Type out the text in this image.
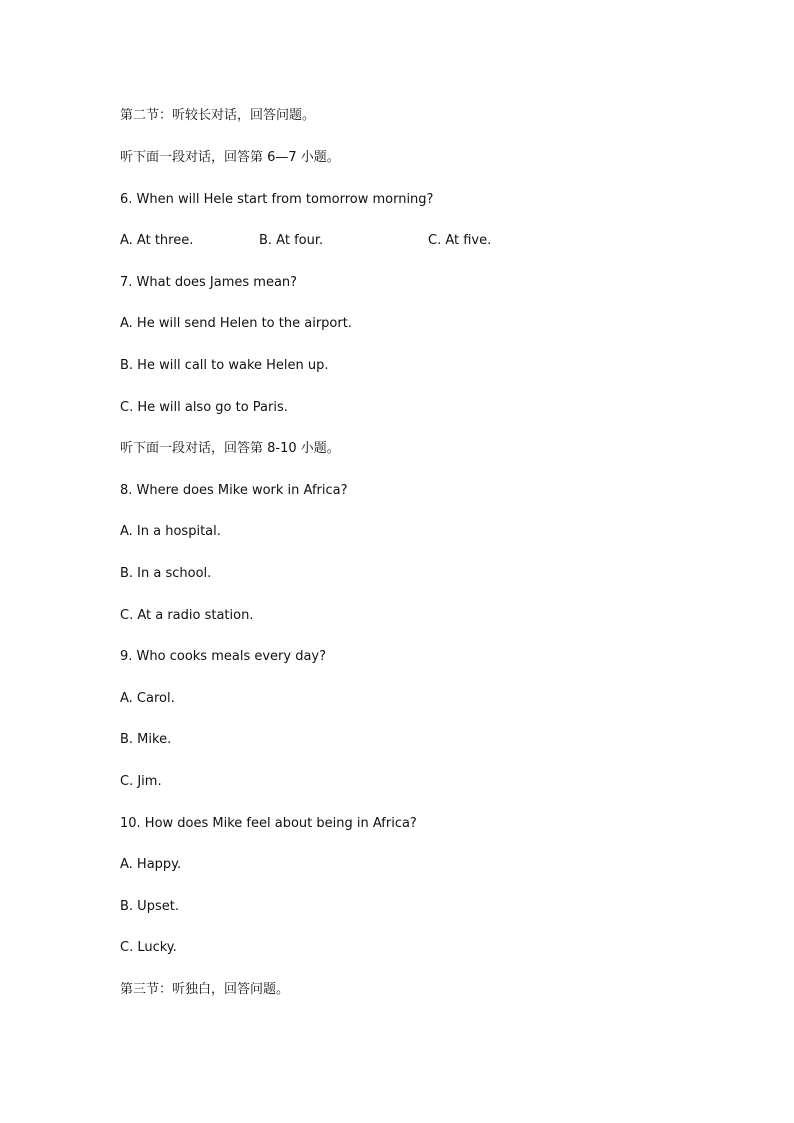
第二节：听较长对话，回答问题。
听下面一段对话，回答第 6—7 小题。
6. When will Hele start from tomorrow morning?
A. At three.	B. At four.	C. At five.
7. What does James mean?
A. He will send Helen to the airport.
B. He will call to wake Helen up.
C. He will also go to Paris.
听下面一段对话，回答第 8-10 小题。
8. Where does Mike work in Africa?
A. In a hospital.
B. In a school.
C. At a radio station.
9. Who cooks meals every day?
A. Carol.
B. Mike.
C. Jim.
10. How does Mike feel about being in Africa?
A. Happy.
B. Upset.
C. Lucky.
第三节：听独白，回答问题。
